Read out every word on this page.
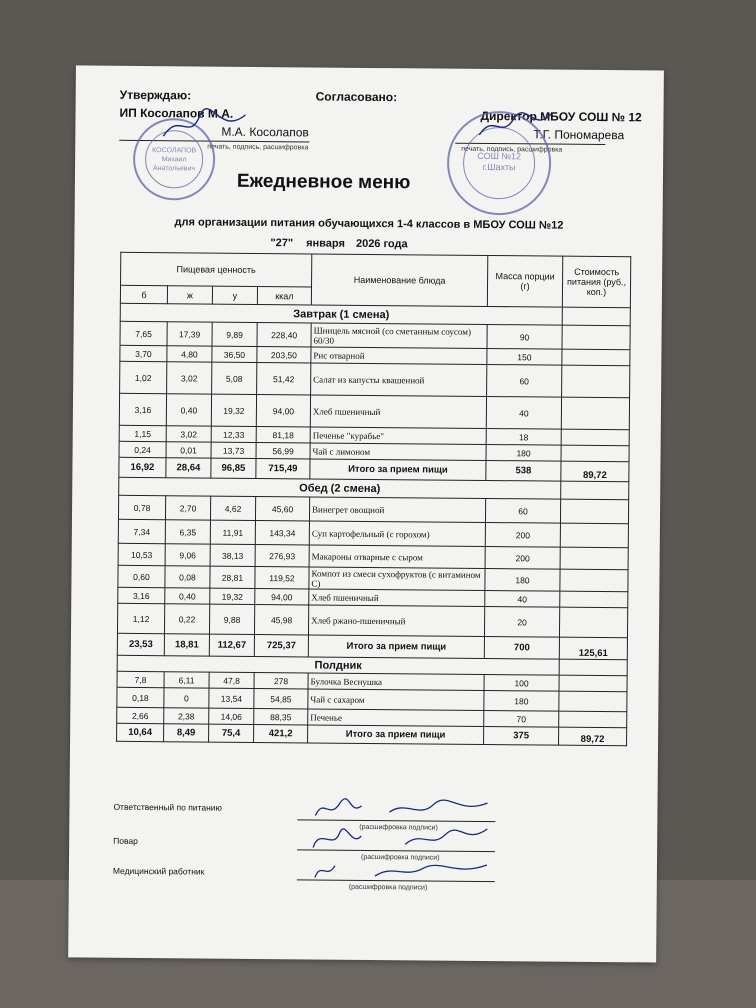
Утверждаю:
ИП Косолапов М.А.
М.А. Косолапов
печать, подпись, расшифровка
Согласовано:
Директор МБОУ СОШ № 12
Т.Г. Пономарева
печать, подпись, расшифровка
КОСОЛАПОВ Михаил Анатольевич
СОШ №12 г.Шахты
Ежедневное меню
для организации питания обучающихся 1-4 классов в МБОУ СОШ №12
"27" января 2026 года
Пищевая ценность				Наименование блюда	Масса порции (г)	Стоимость питания (руб., коп.)
б	ж	у	ккал			
Завтрак (1 смена)						
7,65	17,39	9,89	228,40	Шницель мясной (со сметанным соусом) 60/30	90	
3,70	4,80	36,50	203,50	Рис отварной	150	
1,02	3,02	5,08	51,42	Салат из капусты квашенной	60	
3,16	0,40	19,32	94,00	Хлеб пшеничный	40	
1,15	3,02	12,33	81,18	Печенье "курабье"	18	
0,24	0,01	13,73	56,99	Чай с лимоном	180	
16,92	28,64	96,85	715,49	Итого за прием пищи	538	89,72
Обед (2 смена)						
0,78	2,70	4,62	45,60	Винегрет овощной	60	
7,34	6,35	11,91	143,34	Суп картофельный (с горохом)	200	
10,53	9,06	38,13	276,93	Макароны отварные с сыром	200	
0,60	0,08	28,81	119,52	Компот из смеси сухофруктов (с витамином С)	180	
3,16	0,40	19,32	94,00	Хлеб пшеничный	40	
1,12	0,22	9,88	45,98	Хлеб ржано-пшеничный	20	
23,53	18,81	112,67	725,37	Итого за прием пищи	700	125,61
Полдник						
7,8	6,11	47,8	278	Булочка Веснушка	100	
0,18	0	13,54	54,85	Чай с сахаром	180	
2,66	2,38	14,06	88,35	Печенье	70	
10,64	8,49	75,4	421,2	Итого за прием пищи	375	89,72
Ответственный по питанию
(расшифровка подписи)
Повар
(расшифровка подписи)
Медицинский работник
(расшифровка подписи)
